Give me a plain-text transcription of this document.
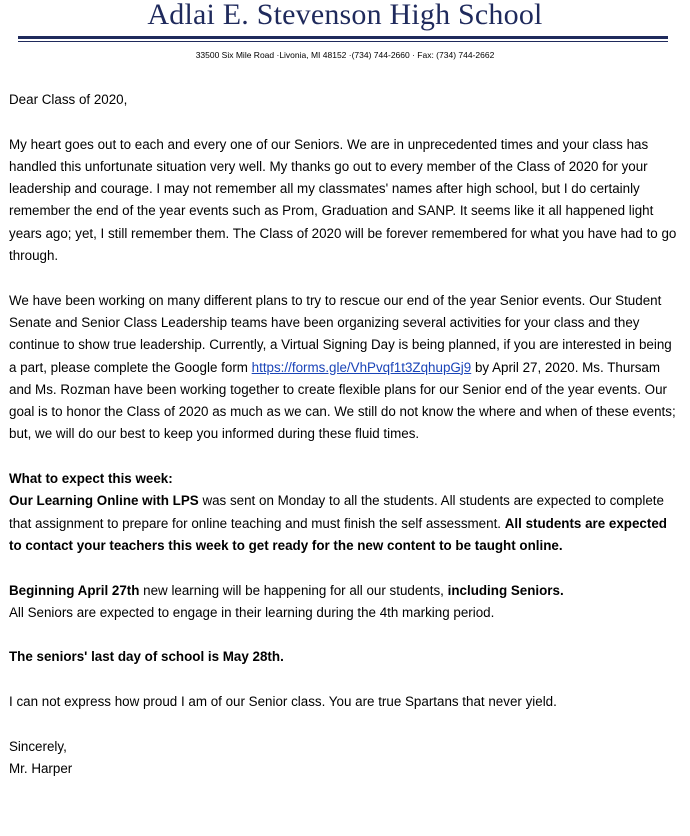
Adlai E. Stevenson High School
33500 Six Mile Road ·Livonia, MI 48152 ·(734) 744-2660 · Fax: (734) 744-2662

Dear Class of 2020,

My heart goes out to each and every one of our Seniors. We are in unprecedented times and your class has handled this unfortunate situation very well. My thanks go out to every member of the Class of 2020 for your leadership and courage. I may not remember all my classmates' names after high school, but I do certainly remember the end of the year events such as Prom, Graduation and SANP. It seems like it all happened light years ago; yet, I still remember them. The Class of 2020 will be forever remembered for what you have had to go through.

We have been working on many different plans to try to rescue our end of the year Senior events. Our Student Senate and Senior Class Leadership teams have been organizing several activities for your class and they continue to show true leadership. Currently, a Virtual Signing Day is being planned, if you are interested in being a part, please complete the Google form https://forms.gle/VhPvqf1t3ZqhupGj9 by April 27, 2020. Ms. Thursam and Ms. Rozman have been working together to create flexible plans for our Senior end of the year events. Our goal is to honor the Class of 2020 as much as we can. We still do not know the where and when of these events; but, we will do our best to keep you informed during these fluid times.

What to expect this week:

Our Learning Online with LPS was sent on Monday to all the students. All students are expected to complete that assignment to prepare for online teaching and must finish the self assessment. All students are expected to contact your teachers this week to get ready for the new content to be taught online.

Beginning April 27th new learning will be happening for all our students, including Seniors.

All Seniors are expected to engage in their learning during the 4th marking period.

The seniors' last day of school is May 28th.

I can not express how proud I am of our Senior class. You are true Spartans that never yield.

Sincerely,

Mr. Harper
